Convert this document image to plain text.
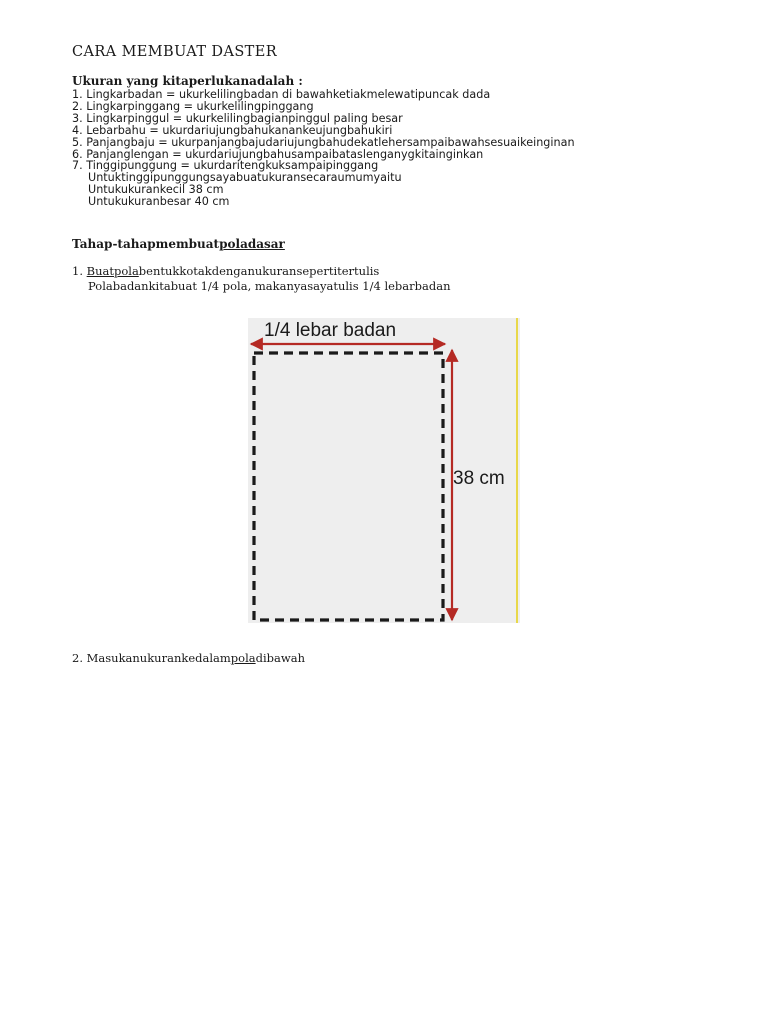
CARA MEMBUAT DASTER
Ukuran yang kitaperlukanadalah :
1. Lingkarbadan = ukurkelilingbadan di bawahketiakmelewatipuncak dada
2. Lingkarpinggang = ukurkelilingpinggang
3. Lingkarpinggul = ukurkelilingbagianpinggul paling besar
4. Lebarbahu = ukurdariujungbahukanankeujungbahukiri
5. Panjangbaju = ukurpanjangbajudariujungbahudekatlehersampaibawahsesuaikeinginan
6. Panjanglengan = ukurdariujungbahusampaibataslenganygkitainginkan
7. Tinggipunggung = ukurdaritengkuksampaipinggang
Untuktinggipunggungsayabuatukuransecaraumumyaitu
Untukukurankecil 38 cm
Untukukuranbesar 40 cm
Tahap-tahapmembuatpoladasar
1. Buatpolabentukkotakdenganukuransepertitertulis
Polabadankitabuat 1/4 pola, makanyasayatulis 1/4 lebarbadan
1/4 lebar badan
38 cm
2. Masukanukurankedalampoladibawah
